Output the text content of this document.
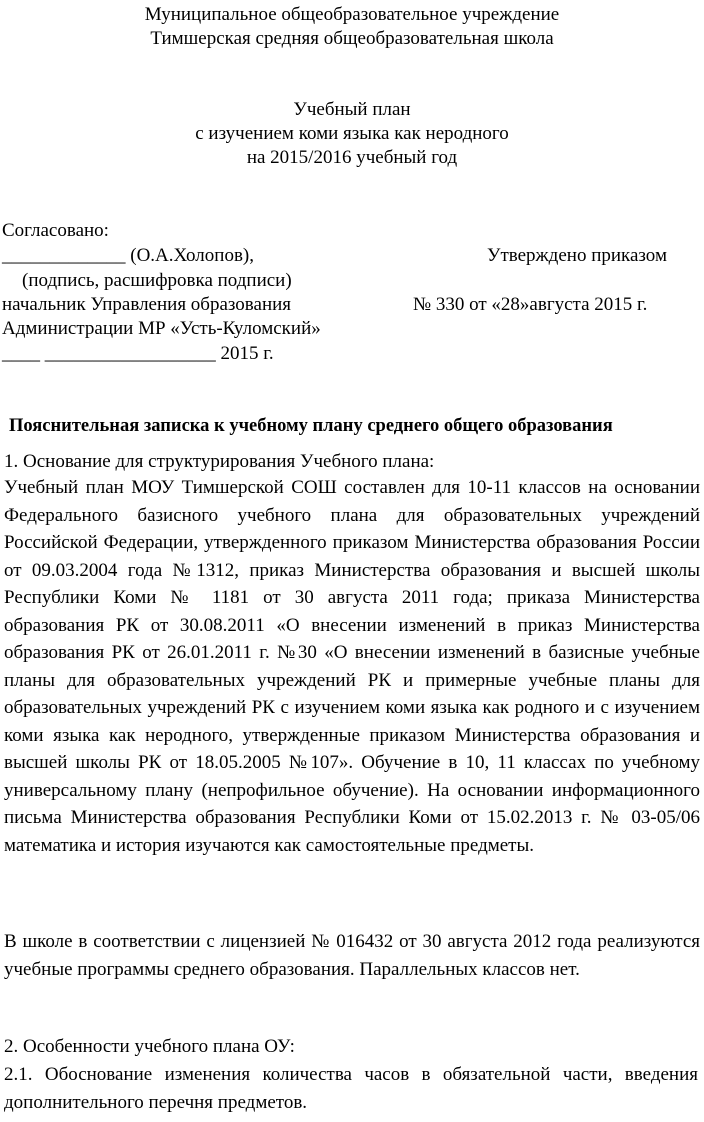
Муниципальное общеобразовательное учреждение
Тимшерская средняя общеобразовательная школа
Учебный план
с изучением коми языка как неродного
на 2015/2016 учебный год
Согласовано:
_____________ (О.А.Холопов),	Утверждено приказом
(подпись, расшифровка подписи)
начальник Управления образования	№ 330 от «28»августа 2015 г.
Администрации МР «Усть-Куломский»
____ __________________ 2015 г.
Пояснительная записка к учебному плану среднего общего образования
1. Основание для структурирования Учебного плана:
Учебный план МОУ Тимшерской СОШ составлен для 10-11 классов на основании Федерального базисного учебного плана для образовательных учреждений Российской Федерации, утвержденного приказом Министерства образования России от 09.03.2004 года №1312, приказ Министерства образования и высшей школы Республики Коми № 1181 от 30 августа 2011 года; приказа Министерства образования РК от 30.08.2011 «О внесении изменений в приказ Министерства образования РК от 26.01.2011 г. №30 «О внесении изменений в базисные учебные планы для образовательных учреждений РК и примерные учебные планы для образовательных учреждений РК с изучением коми языка как родного и с изучением коми языка как неродного, утвержденные приказом Министерства образования и высшей школы РК от 18.05.2005 №107». Обучение в 10, 11 классах по учебному универсальному плану (непрофильное обучение). На основании информационного письма Министерства образования Республики Коми от 15.02.2013 г. № 03-05/06 математика и история изучаются как самостоятельные предметы.
В школе в соответствии с лицензией № 016432 от 30 августа 2012 года реализуются учебные программы среднего образования. Параллельных классов нет.
2. Особенности учебного плана ОУ:
2.1. Обоснование изменения количества часов в обязательной части, введения дополнительного перечня предметов.
